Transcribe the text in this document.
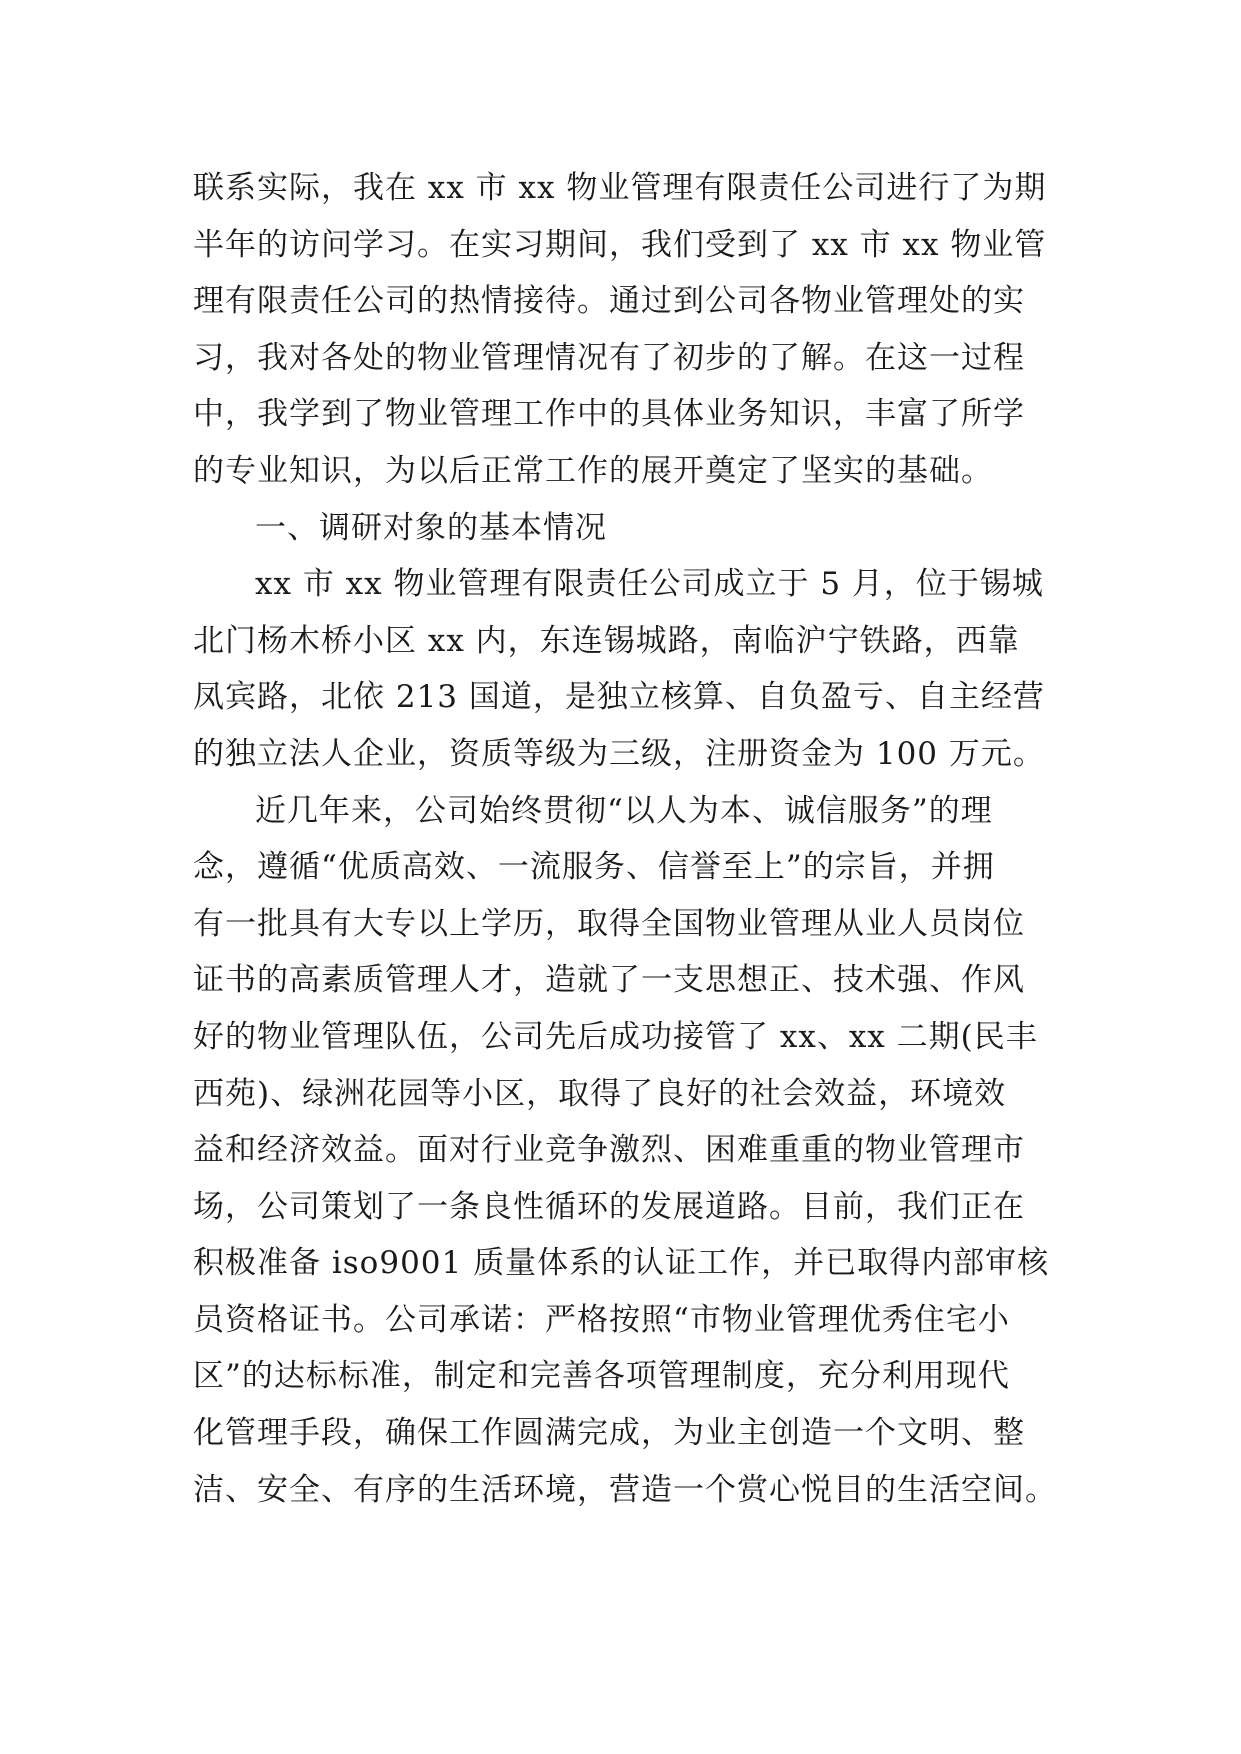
联系实际，我在 xx 市 xx 物业管理有限责任公司进行了为期
半年的访问学习。在实习期间，我们受到了 xx 市 xx 物业管
理有限责任公司的热情接待。通过到公司各物业管理处的实
习，我对各处的物业管理情况有了初步的了解。在这一过程
中，我学到了物业管理工作中的具体业务知识，丰富了所学
的专业知识，为以后正常工作的展开奠定了坚实的基础。
一、调研对象的基本情况
xx 市 xx 物业管理有限责任公司成立于 5 月，位于锡城
北门杨木桥小区 xx 内，东连锡城路，南临沪宁铁路，西靠
凤宾路，北依 213 国道，是独立核算、自负盈亏、自主经营
的独立法人企业，资质等级为三级，注册资金为 100 万元。
近几年来，公司始终贯彻“以人为本、诚信服务”的理
念，遵循“优质高效、一流服务、信誉至上”的宗旨，并拥
有一批具有大专以上学历，取得全国物业管理从业人员岗位
证书的高素质管理人才，造就了一支思想正、技术强、作风
好的物业管理队伍，公司先后成功接管了 xx、xx 二期(民丰
西苑)、绿洲花园等小区，取得了良好的社会效益，环境效
益和经济效益。面对行业竞争激烈、困难重重的物业管理市
场，公司策划了一条良性循环的发展道路。目前，我们正在
积极准备 iso9001 质量体系的认证工作，并已取得内部审核
员资格证书。公司承诺：严格按照“市物业管理优秀住宅小
区”的达标标准，制定和完善各项管理制度，充分利用现代
化管理手段，确保工作圆满完成，为业主创造一个文明、整
洁、安全、有序的生活环境，营造一个赏心悦目的生活空间。
